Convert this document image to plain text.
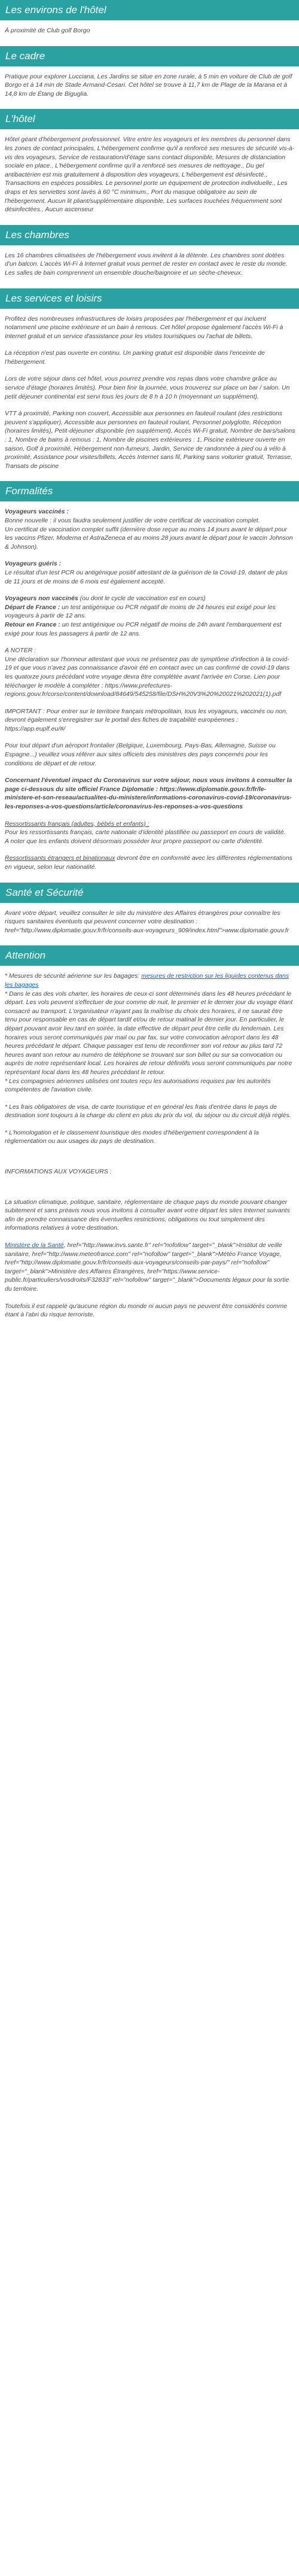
Les environs de l'hôtel

À proximité de Club golf Borgo

Le cadre

Pratique pour explorer Lucciana, Les Jardins se situe en zone rurale, à 5 min en voiture de Club de golf Borgo et à 14 min de Stade Armand-Cesari. Cet hôtel se trouve à 11,7 km de Plage de la Marana et à 14,8 km de Étang de Biguglia.

L'hôtel

Hôtel géant d'hébergement professionnel. Vitre entre les voyageurs et les membres du personnel dans les zones de contact principales, L'hébergement confirme qu'il a renforcé ses mesures de sécurité vis-à-vis des voyageurs, Service de restauration/d'étage sans contact disponible, Mesures de distanciation sociale en place., L'hébergement confirme qu'il a renforcé ses mesures de nettoyage., Du gel antibactérien est mis gratuitement à disposition des voyageurs, L'hébergement est désinfecté., Transactions en espèces possibles. Le personnel porte un équipement de protection individuelle., Les draps et les serviettes sont lavés à 60 °C minimum., Port du masque obligatoire au sein de l'hébergement. Aucun lit pliant/supplémentaire disponible, Les surfaces touchées fréquemment sont désinfectées., Aucun ascenseur

Les chambres

Les 16 chambres climatisées de l'hébergement vous invitent à la détente. Les chambres sont dotées d'un balcon. L'accès Wi-Fi à Internet gratuit vous permet de rester en contact avec le reste du monde. Les salles de bain comprennent un ensemble douche/baignoire et un sèche-cheveux.

Les services et loisirs

Profitez des nombreuses infrastructures de loisirs proposées par l'hébergement et qui incluent notamment une piscine extérieure et un bain à remous. Cet hôtel propose également l'accès Wi-Fi à Internet gratuit et un service d'assistance pour les visites touristiques ou l'achat de billets.

La réception n'est pas ouverte en continu. Un parking gratuit est disponible dans l'enceinte de l'hébergement.

Lors de votre séjour dans cet hôtel, vous pourrez prendre vos repas dans votre chambre grâce au service d'étage (horaires limités). Pour bien finir la journée, vous trouverez sur place un bar / salon. Un petit déjeuner continental est servi tous les jours de 8 h à 10 h (moyennant un supplément).

VTT à proximité, Parking non couvert, Accessible aux personnes en fauteuil roulant (des restrictions peuvent s'appliquer), Accessible aux personnes en fauteuil roulant, Personnel polyglotte, Réception (horaires limités), Petit-déjeuner disponible (en supplément), Accès Wi-Fi gratuit, Nombre de bars/salons : 1, Nombre de bains à remous : 1, Nombre de piscines extérieures : 1, Piscine extérieure ouverte en saison, Golf à proximité, Hébergement non-fumeurs, Jardin, Service de randonnée à pied ou à vélo à proximité, Assistance pour visites/billets, Accès Internet sans fil, Parking sans voiturier gratuit, Terrasse, Transats de piscine

Formalités

Voyageurs vaccinés :
Bonne nouvelle : il vous faudra seulement justifier de votre certificat de vaccination complet.
Un certificat de vaccination complet suffit (dernière dose reçue au moins 14 jours avant le départ pour les vaccins Pfizer, Moderna et AstraZeneca et au moins 28 jours avant le départ pour le vaccin Johnson & Johnson).

Voyageurs guéris :
Le résultat d'un test PCR ou antigénique positif attestant de la guérison de la Covid-19, datant de plus de 11 jours et de moins de 6 mois est également accepté.

Voyageurs non vaccinés (ou dont le cycle de vaccination est en cours)
Départ de France : un test antigénique ou PCR négatif de moins de 24 heures est exigé pour les voyageurs à partir de 12 ans.
Retour en France : un test antigénique ou PCR négatif de moins de 24h avant l'embarquement est exigé pour tous les passagers à partir de 12 ans.

A NOTER :
Une déclaration sur l'honneur attestant que vous ne présentez pas de symptôme d'infection à la covid-19 et que vous n'avez pas connaissance d'avoir été en contact avec un cas confirmé de covid-19 dans les quatorze jours précédant votre voyage devra être complétée avant l'arrivée en Corse. Lien pour télécharger le modèle à compléter : https://www.prefectures-regions.gouv.fr/corse/content/download/84649/545258/file/DSH%20V3%20%20021%202021(1).pdf

IMPORTANT : Pour entrer sur le territoire français métropolitain, tous les voyageurs, vaccinés ou non, devront également s'enregistrer sur le portail des fiches de traçabilité européennes : https://app.euplf.eu/#/

Pour tout départ d'un aéroport frontalier (Belgique, Luxembourg, Pays-Bas, Allemagne, Suisse ou Espagne...) veuillez vous référer aux sites officiels des ministères des pays concernés pour les conditions de départ et de retour.

Concernant l'éventuel impact du Coronavirus sur votre séjour, nous vous invitons à consulter la page ci-dessous du site officiel France Diplomatie : https://www.diplomatie.gouv.fr/fr/le-ministere-et-son-reseau/actualites-du-ministere/informations-coronavirus-covid-19/coronavirus-les-reponses-a-vos-questions/article/coronavirus-les-reponses-a-vos-questions

Ressortissants français (adultes, bébés et enfants) :
Pour les ressortissants français, carte nationale d'identité plastifiée ou passeport en cours de validité.
A noter que les enfants doivent désormais posséder leur propre passeport ou carte d'identité.

Ressortissants étrangers et binationaux devront être en conformité avec les différentes réglementations en vigueur, selon leur nationalité.

Santé et Sécurité

Avant votre départ, veuillez consulter le site du ministère des Affaires étrangères pour connaître les risques sanitaires éventuels qui peuvent concerner votre destination : href="http://www.diplomatie.gouv.fr/fr/conseils-aux-voyageurs_909/index.html">www.diplomatie.gouv.fr

Attention

* Mesures de sécurité aérienne sur les bagages: mesures de restriction sur les liquides contenus dans les bagages
* Dans le cas des vols charter, les horaires de ceux-ci sont déterminés dans les 48 heures précédant le départ. Les vols peuvent s'effectuer de jour comme de nuit, le premier et le dernier jour du voyage étant consacré au transport. L'organisateur n'ayant pas la maîtrise du choix des horaires, il ne saurait être tenu pour responsable en cas de départ tardif et/ou de retour matinal le dernier jour. En particulier, le départ pouvant avoir lieu tard en soirée, la date effective de départ peut être celle du lendemain. Les horaires vous seront communiqués par mail ou par fax, sur votre convocation aéroport dans les 48 heures précédant le départ. Chaque passager est tenu de reconfirmer son vol retour au plus tard 72 heures avant son retour au numéro de téléphone se trouvant sur son billet ou sur sa convocation ou auprès de notre représentant local. Les horaires de retour définitifs vous seront communiqués par notre représentant local dans les 48 heures précédant le retour.
* Les compagnies aériennes utilisées ont toutes reçu les autorisations requises par les autorités compétentes de l'aviation civile.

* Les frais obligatoires de visa, de carte touristique et en général les frais d'entrée dans le pays de destination sont toujours à la charge du client en plus du prix du vol, du séjour ou du circuit déjà réglés.

* L'homologation et le classement touristique des modes d'hébergement correspondent à la réglementation ou aux usages du pays de destination.

INFORMATIONS AUX VOYAGEURS :

La situation climatique, politique, sanitaire, réglementaire de chaque pays du monde pouvant changer subitement et sans préavis nous vous invitons à consulter avant votre départ les sites Internet suivants afin de prendre connaissance des éventuelles restrictions, obligations ou tout simplement des informations relatives à votre destination.

Ministère de la Santé, href="http://www.invs.sante.fr" rel="nofollow" target="_blank">Institut de veille sanitaire, href="http://www.meteofrance.com" rel="nofollow" target="_blank">Météo France Voyage, href="http://www.diplomatie.gouv.fr/fr/conseils-aux-voyageurs/conseils-par-pays/" rel="nofollow" target="_blank">Ministère des Affaires Étrangères, href="https://www.service-public.fr/particuliers/vosdroits/F32833" rel="nofollow" target="_blank">Documents légaux pour la sortie du territoire.

Toutefois il est rappelé qu'aucune région du monde ni aucun pays ne peuvent être considérés comme étant à l'abri du risque terroriste.
